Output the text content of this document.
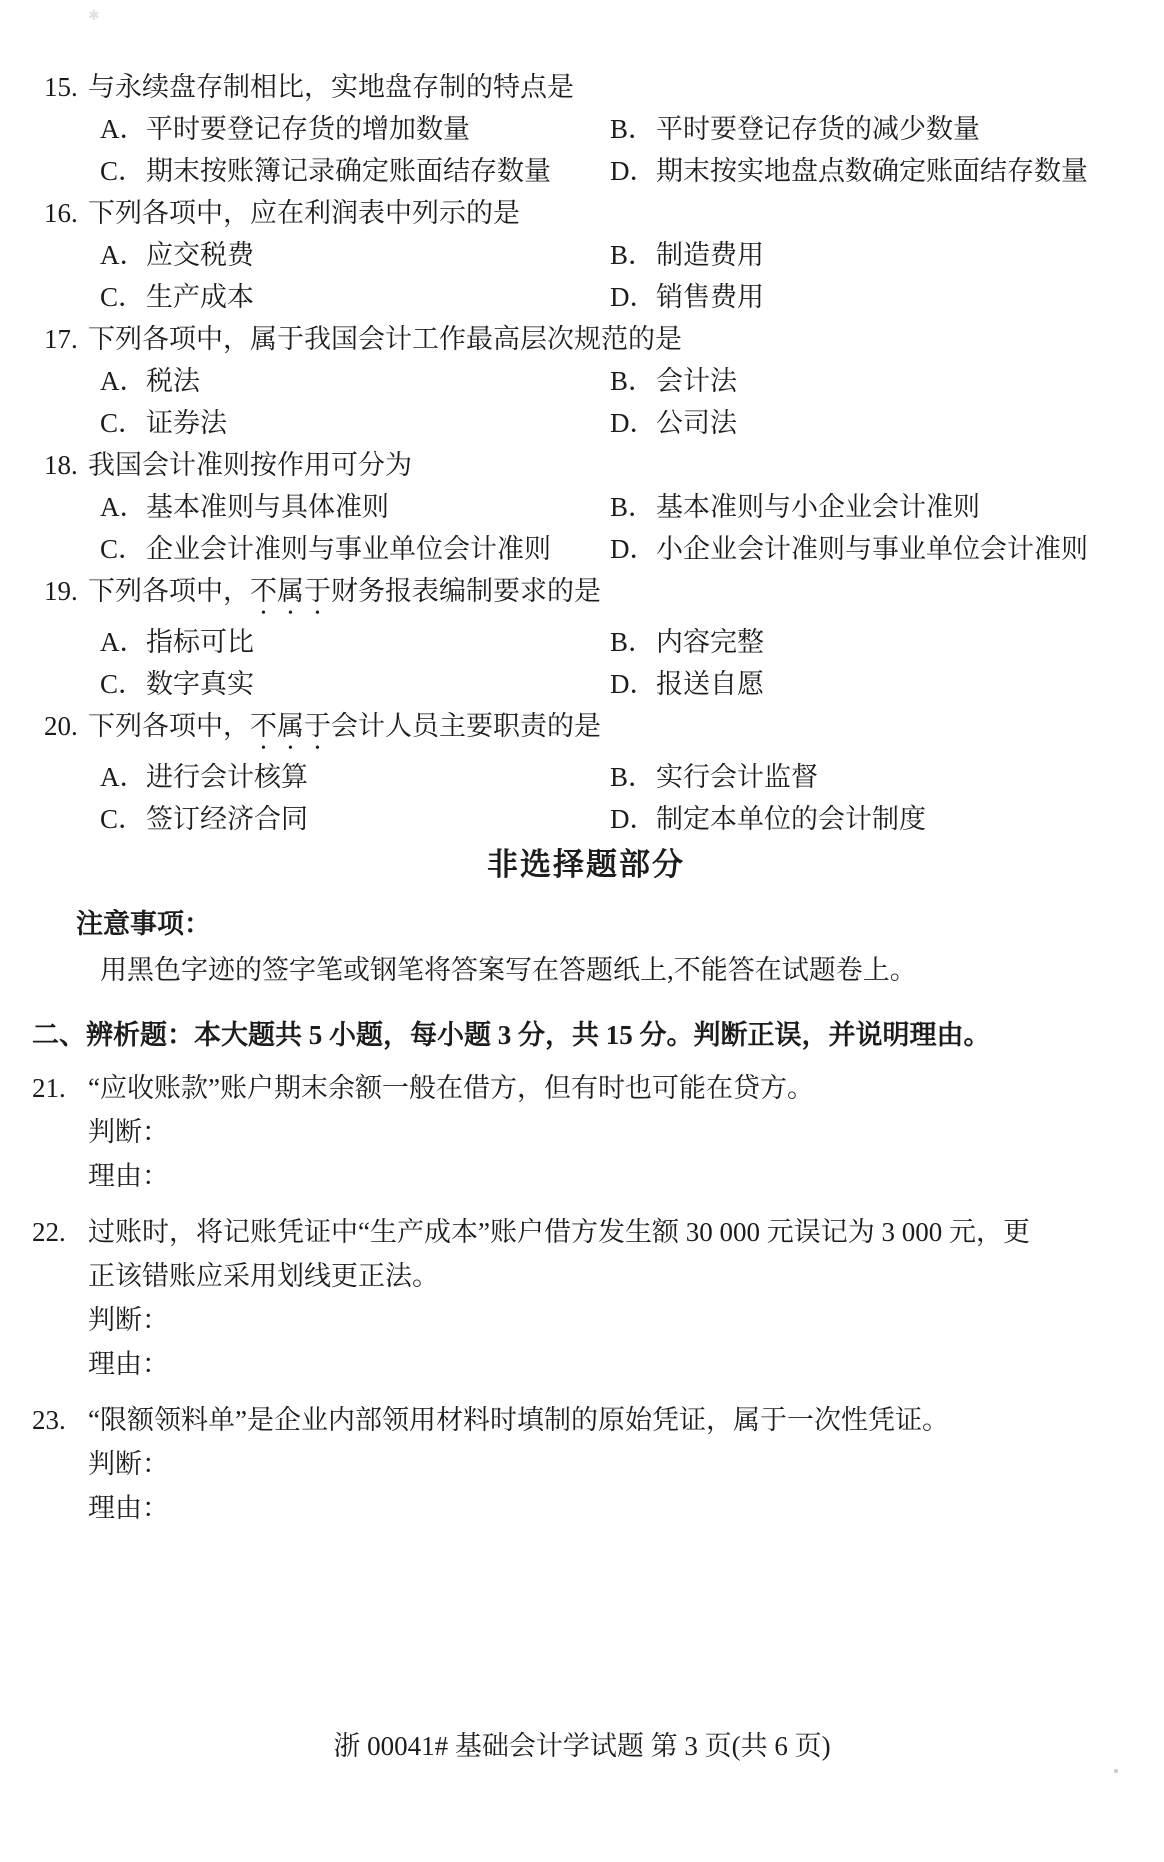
✱
15. 与永续盘存制相比，实地盘存制的特点是
A． 平时要登记存货的增加数量	B． 平时要登记存货的减少数量
C． 期末按账簿记录确定账面结存数量 D． 期末按实地盘点数确定账面结存数量
16. 下列各项中，应在利润表中列示的是
A． 应交税费	B． 制造费用
C． 生产成本	D． 销售费用
17. 下列各项中，属于我国会计工作最高层次规范的是
A． 税法	B． 会计法
C． 证券法	D． 公司法
18. 我国会计准则按作用可分为
A． 基本准则与具体准则	B． 基本准则与小企业会计准则
C． 企业会计准则与事业单位会计准则 D． 小企业会计准则与事业单位会计准则
19. 下列各项中，不属于财务报表编制要求的是
A． 指标可比	B． 内容完整
C． 数字真实	D． 报送自愿
20. 下列各项中，不属于会计人员主要职责的是
A． 进行会计核算	B． 实行会计监督
C． 签订经济合同	D． 制定本单位的会计制度
非选择题部分
注意事项：
用黑色字迹的签字笔或钢笔将答案写在答题纸上,不能答在试题卷上。
二、辨析题：本大题共 5 小题，每小题 3 分，共 15 分。判断正误，并说明理由。
21. “应收账款”账户期末余额一般在借方，但有时也可能在贷方。
判断：
理由：
22. 过账时，将记账凭证中“生产成本”账户借方发生额 30 000 元误记为 3 000 元，更
正该错账应采用划线更正法。
判断：
理由：
23. “限额领料单”是企业内部领用材料时填制的原始凭证，属于一次性凭证。
判断：
理由：
浙 00041# 基础会计学试题 第 3 页(共 6 页)
